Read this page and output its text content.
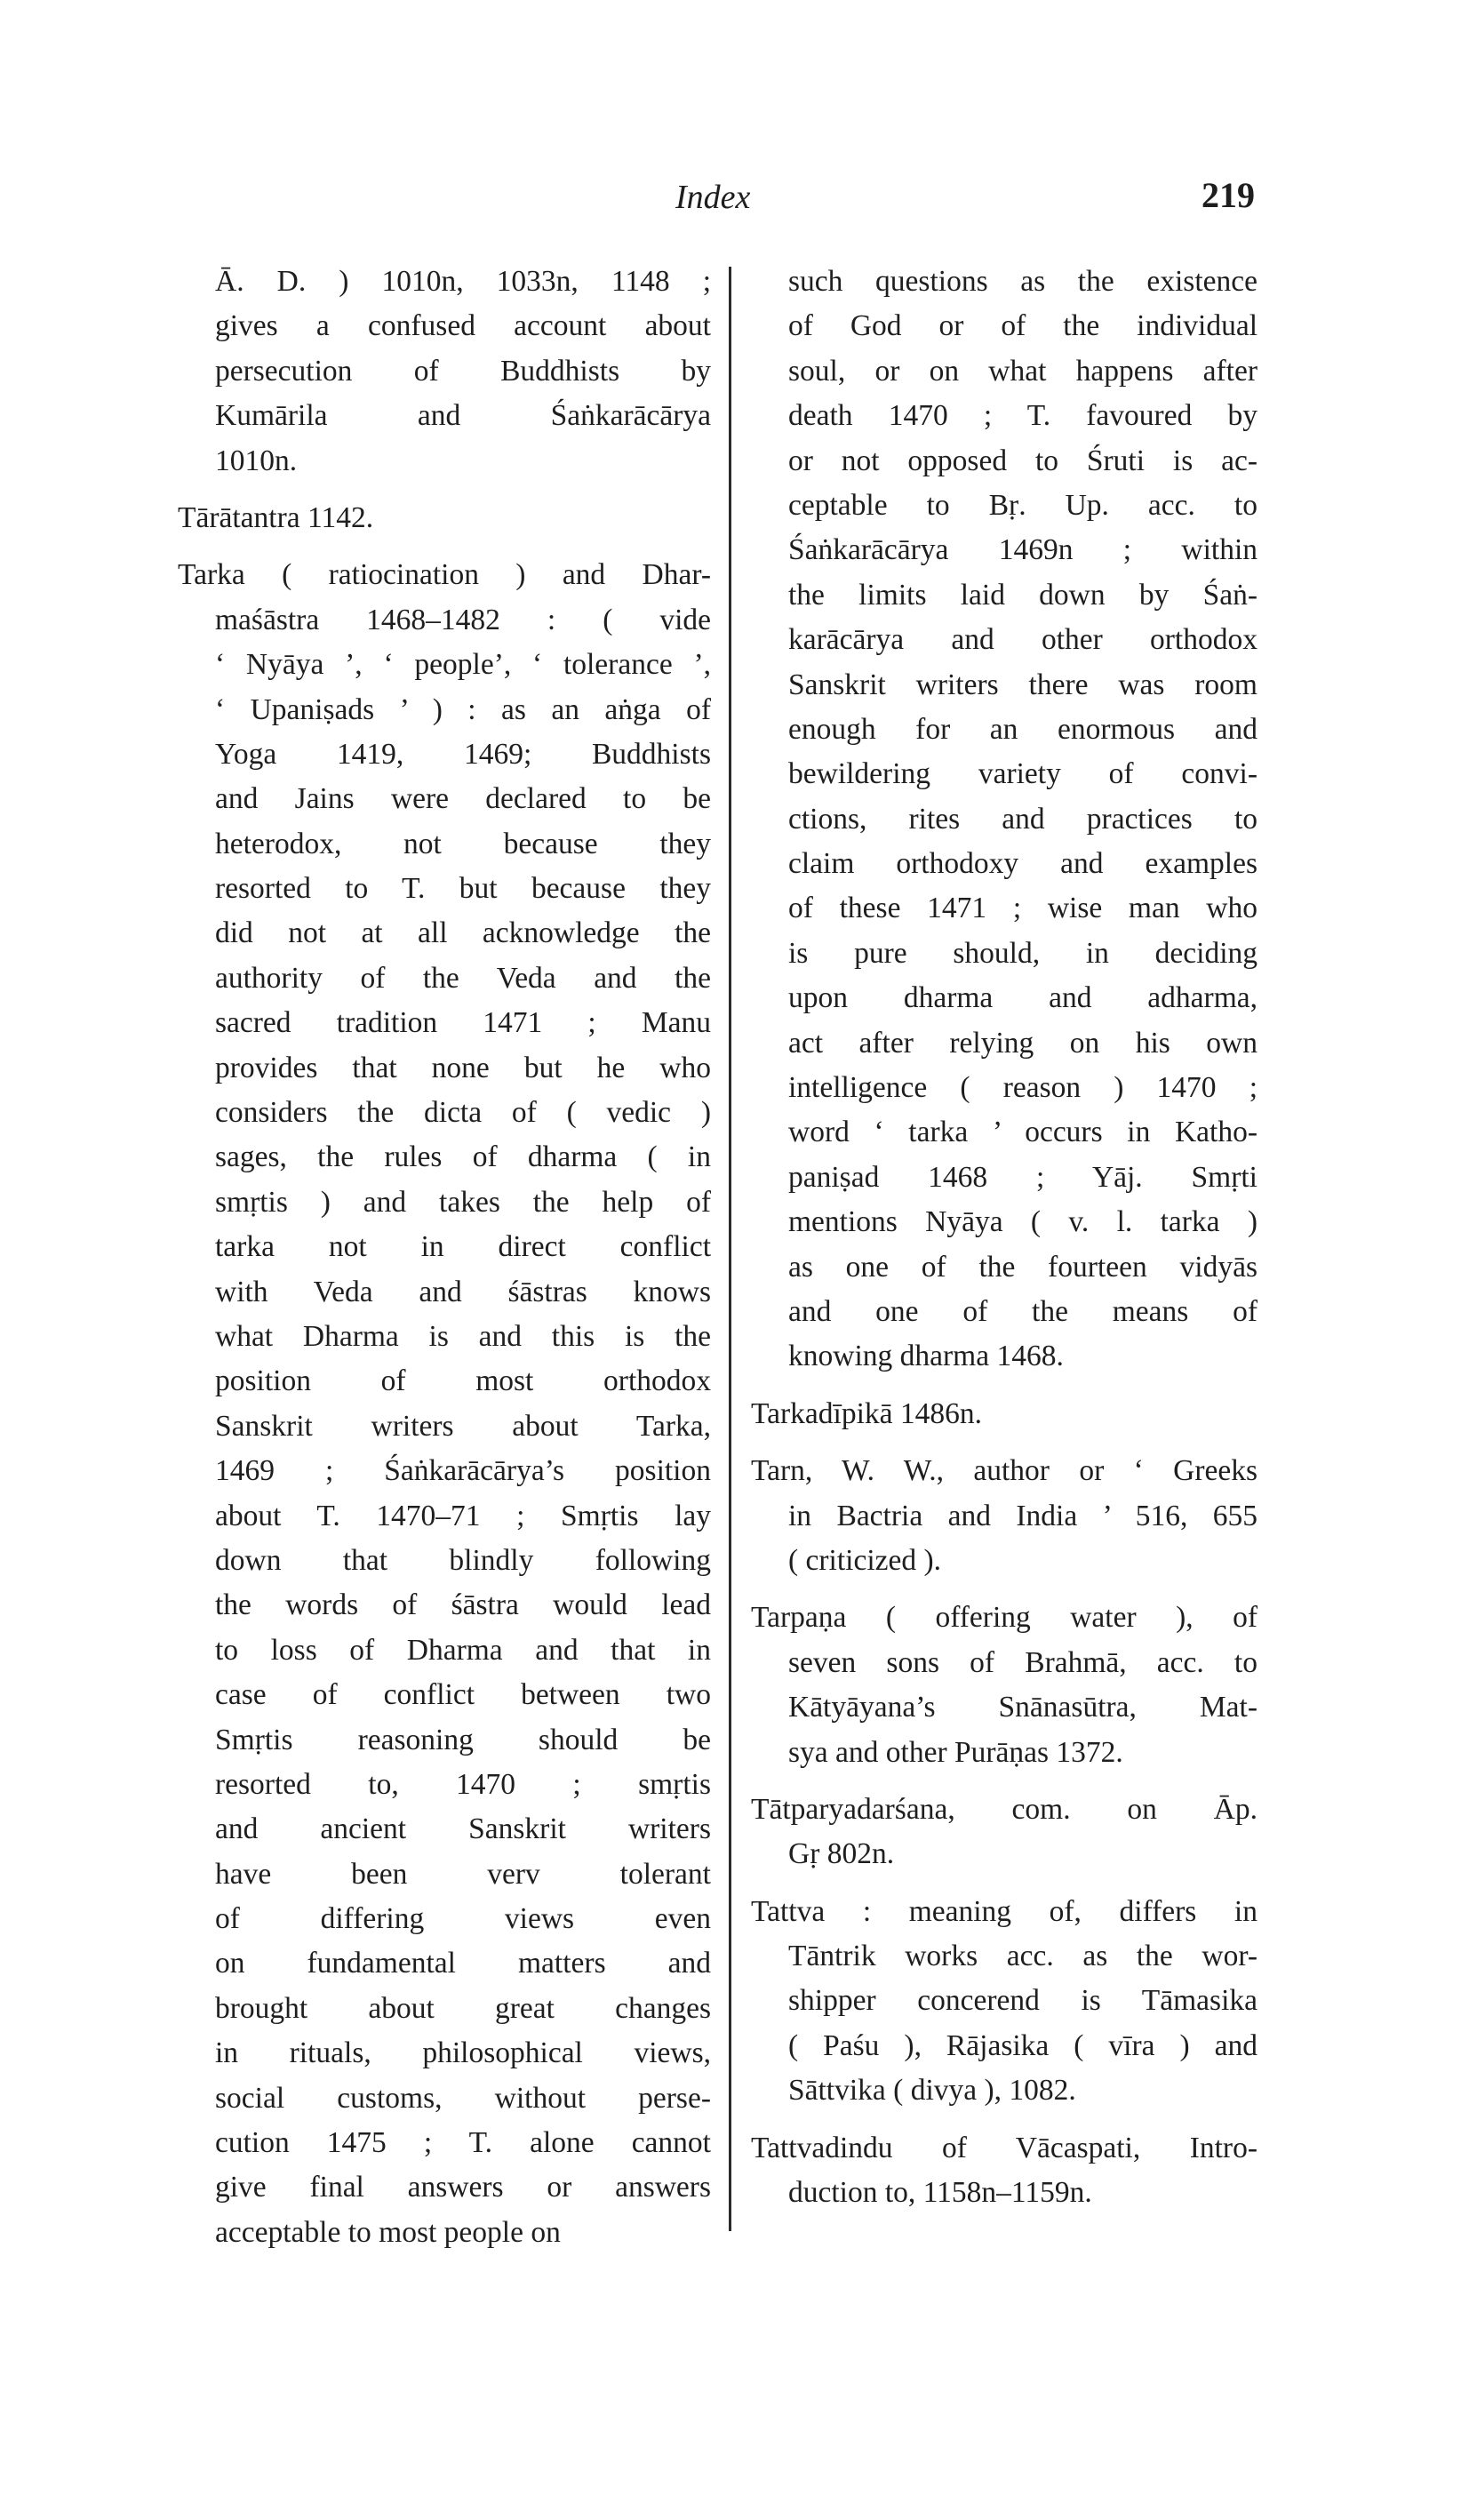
Index	219
Ā. D. ) 1010n, 1033n, 1148 ;
gives a confused account about
persecution of Buddhists by
Kumārila and Śaṅkarācārya
1010n.
Tārātantra 1142.
Tarka ( ratiocination ) and Dhar-
maśāstra 1468–1482 : ( vide
‘ Nyāya ’, ‘ people’, ‘ tolerance ’,
‘ Upaniṣads ’ ) : as an aṅga of
Yoga 1419, 1469; Buddhists
and Jains were declared to be
heterodox, not because they
resorted to T. but because they
did not at all acknowledge the
authority of the Veda and the
sacred tradition 1471 ; Manu
provides that none but he who
considers the dicta of ( vedic )
sages, the rules of dharma ( in
smṛtis ) and takes the help of
tarka not in direct conflict
with Veda and śāstras knows
what Dharma is and this is the
position of most orthodox
Sanskrit writers about Tarka,
1469 ; Śaṅkarācārya’s position
about T. 1470–71 ; Smṛtis lay
down that blindly following
the words of śāstra would lead
to loss of Dharma and that in
case of conflict between two
Smṛtis reasoning should be
resorted to, 1470 ; smṛtis
and ancient Sanskrit writers
have been verv tolerant
of differing views even
on fundamental matters and
brought about great changes
in rituals, philosophical views,
social customs, without perse-
cution 1475 ; T. alone cannot
give final answers or answers
acceptable to most people on
such questions as the existence
of God or of the individual
soul, or on what happens after
death 1470 ; T. favoured by
or not opposed to Śruti is ac-
ceptable to Bṛ. Up. acc. to
Śaṅkarācārya 1469n ; within
the limits laid down by Śaṅ-
karācārya and other orthodox
Sanskrit writers there was room
enough for an enormous and
bewildering variety of convi-
ctions, rites and practices to
claim orthodoxy and examples
of these 1471 ; wise man who
is pure should, in deciding
upon dharma and adharma,
act after relying on his own
intelligence ( reason ) 1470 ;
word ‘ tarka ’ occurs in Katho-
paniṣad 1468 ; Yāj. Smṛti
mentions Nyāya ( v. l. tarka )
as one of the fourteen vidyās
and one of the means of
knowing dharma 1468.
Tarkadīpikā 1486n.
Tarn, W. W., author or ‘ Greeks
in Bactria and India ’ 516, 655
( criticized ).
Tarpaṇa ( offering water ), of
seven sons of Brahmā, acc. to
Kātyāyana’s Snānasūtra, Mat-
sya and other Purāṇas 1372.
Tātparyadarśana, com. on Āp.
Gṛ 802n.
Tattva : meaning of, differs in
Tāntrik works acc. as the wor-
shipper concerend is Tāmasika
( Paśu ), Rājasika ( vīra ) and
Sāttvika ( divya ), 1082.
Tattvadindu of Vācaspati, Intro-
duction to, 1158n–1159n.
